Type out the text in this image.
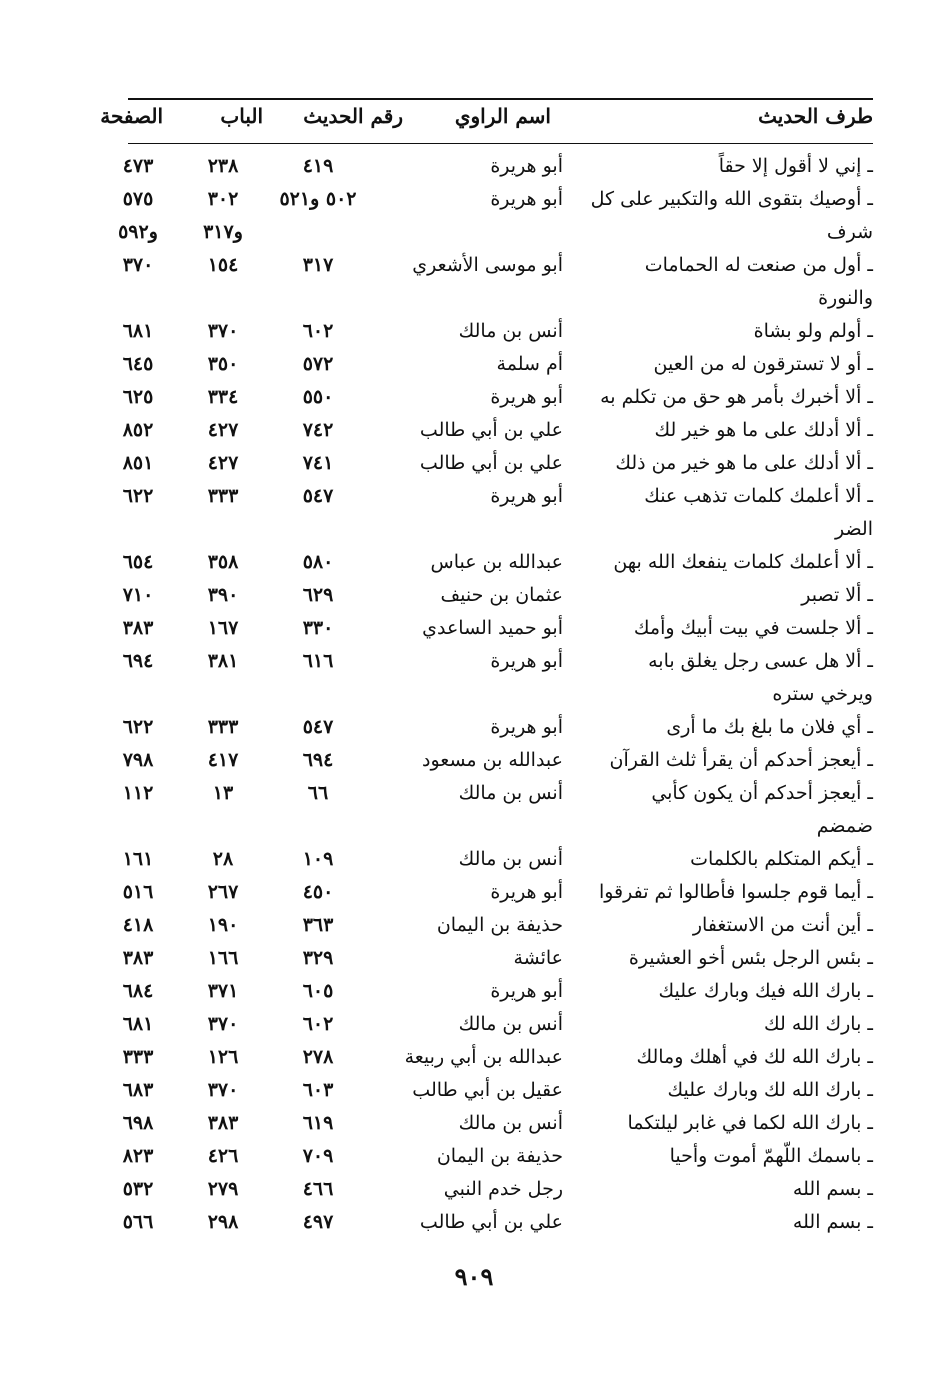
طرف الحديث
اسم الراوي
رقم الحديث
الباب
الصفحة
ـ إني لا أقول إلا حقاً
أبو هريرة
٤١٩
٢٣٨
٤٧٣
ـ أوصيك بتقوى الله والتكبير على كل
أبو هريرة
٥٠٢ و٥٢١
٣٠٢
٥٧٥
شرف
و٣١٧
و٥٩٢
ـ أول من صنعت له الحمامات
أبو موسى الأشعري
٣١٧
١٥٤
٣٧٠
والنورة
ـ أولم ولو بشاة
أنس بن مالك
٦٠٢
٣٧٠
٦٨١
ـ أو لا تسترقون له من العين
أم سلمة
٥٧٢
٣٥٠
٦٤٥
ـ ألا أخبرك بأمر هو حق من تكلم به
أبو هريرة
٥٥٠
٣٣٤
٦٢٥
ـ ألا أدلك على ما هو خير لك
علي بن أبي طالب
٧٤٢
٤٢٧
٨٥٢
ـ ألا أدلك على ما هو خير من ذلك
علي بن أبي طالب
٧٤١
٤٢٧
٨٥١
ـ ألا أعلمك كلمات تذهب عنك
أبو هريرة
٥٤٧
٣٣٣
٦٢٢
الضر
ـ ألا أعلمك كلمات ينفعك الله بهن
عبدالله بن عباس
٥٨٠
٣٥٨
٦٥٤
ـ ألا تصبر
عثمان بن حنيف
٦٢٩
٣٩٠
٧١٠
ـ ألا جلست في بيت أبيك وأمك
أبو حميد الساعدي
٣٣٠
١٦٧
٣٨٣
ـ ألا هل عسى رجل يغلق بابه
أبو هريرة
٦١٦
٣٨١
٦٩٤
ويرخي ستره
ـ أي فلان ما بلغ بك ما أرى
أبو هريرة
٥٤٧
٣٣٣
٦٢٢
ـ أيعجز أحدكم أن يقرأ ثلث القرآن
عبدالله بن مسعود
٦٩٤
٤١٧
٧٩٨
ـ أيعجز أحدكم أن يكون كأبي
أنس بن مالك
٦٦
١٣
١١٢
ضمضم
ـ أيكم المتكلم بالكلمات
أنس بن مالك
١٠٩
٢٨
١٦١
ـ أيما قوم جلسوا فأطالوا ثم تفرقوا
أبو هريرة
٤٥٠
٢٦٧
٥١٦
ـ أين أنت من الاستغفار
حذيفة بن اليمان
٣٦٣
١٩٠
٤١٨
ـ بئس الرجل بئس أخو العشيرة
عائشة
٣٢٩
١٦٦
٣٨٣
ـ بارك الله فيك وبارك عليك
أبو هريرة
٦٠٥
٣٧١
٦٨٤
ـ بارك الله لك
أنس بن مالك
٦٠٢
٣٧٠
٦٨١
ـ بارك الله لك في أهلك ومالك
عبدالله بن أبي ربيعة
٢٧٨
١٢٦
٣٣٣
ـ بارك الله لك وبارك عليك
عقيل بن أبي طالب
٦٠٣
٣٧٠
٦٨٣
ـ بارك الله لكما في غابر ليلتكما
أنس بن مالك
٦١٩
٣٨٣
٦٩٨
ـ باسمك اللّهمّ أموت وأحيا
حذيفة بن اليمان
٧٠٩
٤٢٦
٨٢٣
ـ بسم الله
رجل خدم النبي
٤٦٦
٢٧٩
٥٣٢
ـ بسم الله
علي بن أبي طالب
٤٩٧
٢٩٨
٥٦٦
٩٠٩
